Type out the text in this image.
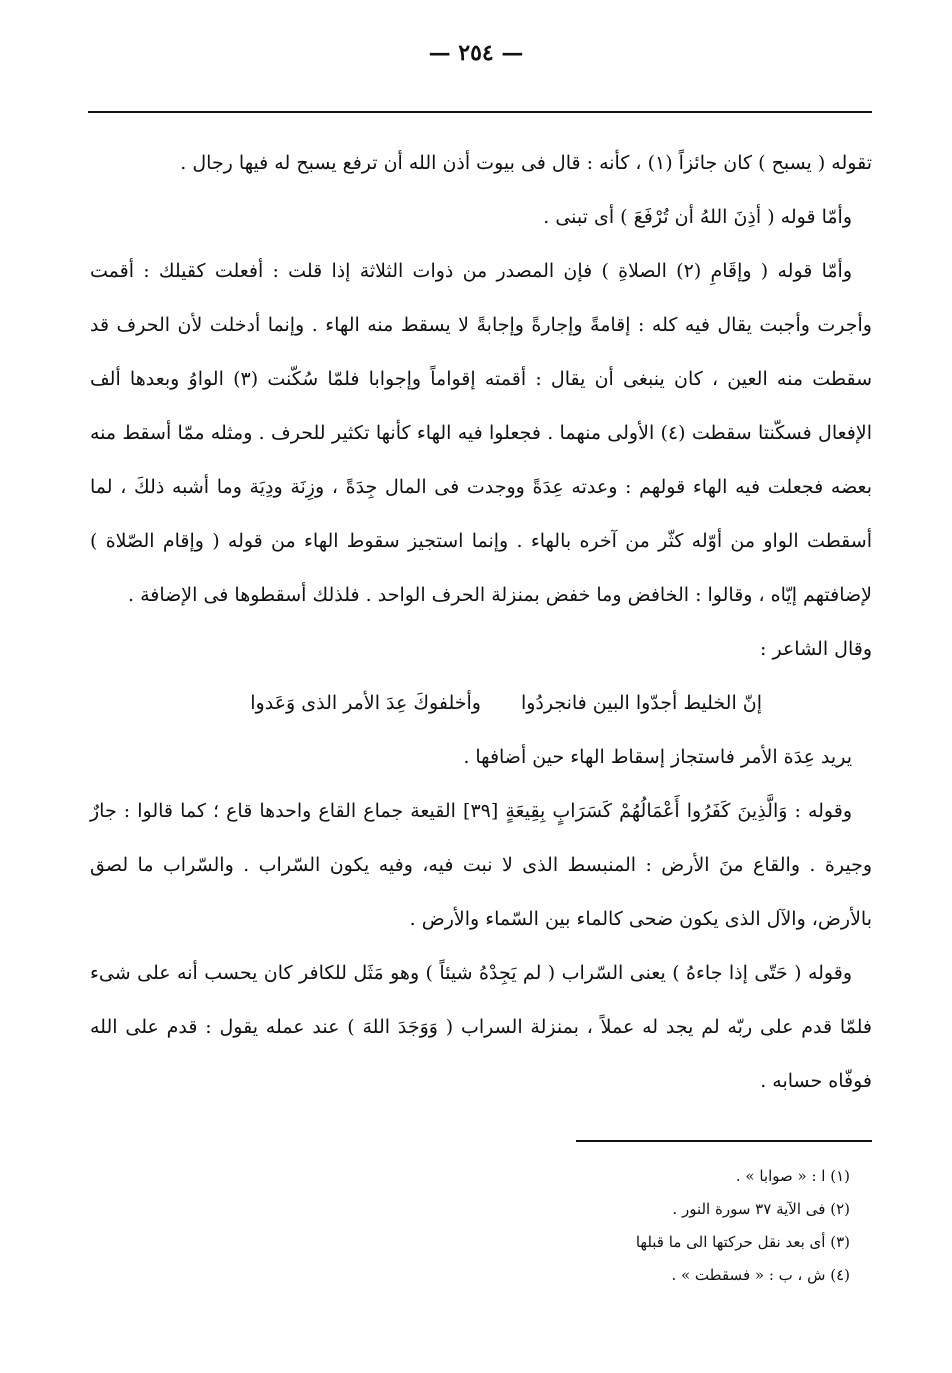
— ٢٥٤ —

تقوله ( يسبح ) كان جائزاً (١) ، كأنه : قال فى بيوت أذن الله أن ترفع يسبح له فيها رجال .

وأمّا قوله ( أذِنَ اللهُ أن تُرْفَعَ ) أى تبنى .

وأمّا قوله ( وإقَامِ (٢) الصلاةِ ) فإن المصدر من ذوات الثلاثة إذا قلت : أفعلت كقيلك : أقمت وأجرت وأجبت يقال فيه كله : إقامةً وإجارةً وإجابةً لا يسقط منه الهاء . وإنما أدخلت لأن الحرف قد سقطت منه العين ، كان ينبغى أن يقال : أقمته إقواماً وإجوابا فلمّا سُكّنت (٣) الواوُ وبعدها ألف الإفعال فسكّنتا سقطت (٤) الأولى منهما . فجعلوا فيه الهاء كأنها تكثير للحرف . ومثله ممّا أسقط منه بعضه فجعلت فيه الهاء قولهم : وعدته عِدَةً ووجدت فى المال جِدَةً ، وزِنَة ودِيَة وما أشبه ذلكَ ، لما أسقطت الواو من أوّله كثّر من آخره بالهاء . وإنما استجيز سقوط الهاء من قوله ( وإقام الصّلاة ) لإضافتهم إيّاه ، وقالوا : الخافض وما خفض بمنزلة الحرف الواحد . فلذلك أسقطوها فى الإضافة .

وقال الشاعر :

إنّ الخليط أجدّوا البين فانجردُوا
وأخلفوكَ عِدَ الأمر الذى وَعَدوا

يريد عِدَة الأمر فاستجاز إسقاط الهاء حين أضافها .

وقوله : وَالَّذِينَ كَفَرُوا أَعْمَالُهُمْ كَسَرَابٍ بِقِيعَةٍ [٣٩] القيعة جماع القاع واحدها قاع ؛ كما قالوا : جارٌ وجيرة . والقاع منَ الأرض : المنبسط الذى لا نبت فيه، وفيه يكون السّراب . والسّراب ما لصق بالأرض، والآل الذى يكون ضحى كالماء بين السّماء والأرض .

وقوله ( حَتّى إذا جاءهُ ) يعنى السّراب ( لم يَجِدْهُ شيئاً ) وهو مَثَل للكافر كان يحسب أنه على شىء فلمّا قدم على ربّه لم يجد له عملاً ، بمنزلة السراب ( وَوَجَدَ اللهَ ) عند عمله يقول : قدم على الله فوفّاه حسابه .

(١) ا : « صوابا » .

(٢) فى الآية ٣٧ سورة النور .

(٣) أى بعد نقل حركتها الى ما قبلها

(٤) ش ، ب : « فسقطت » .
